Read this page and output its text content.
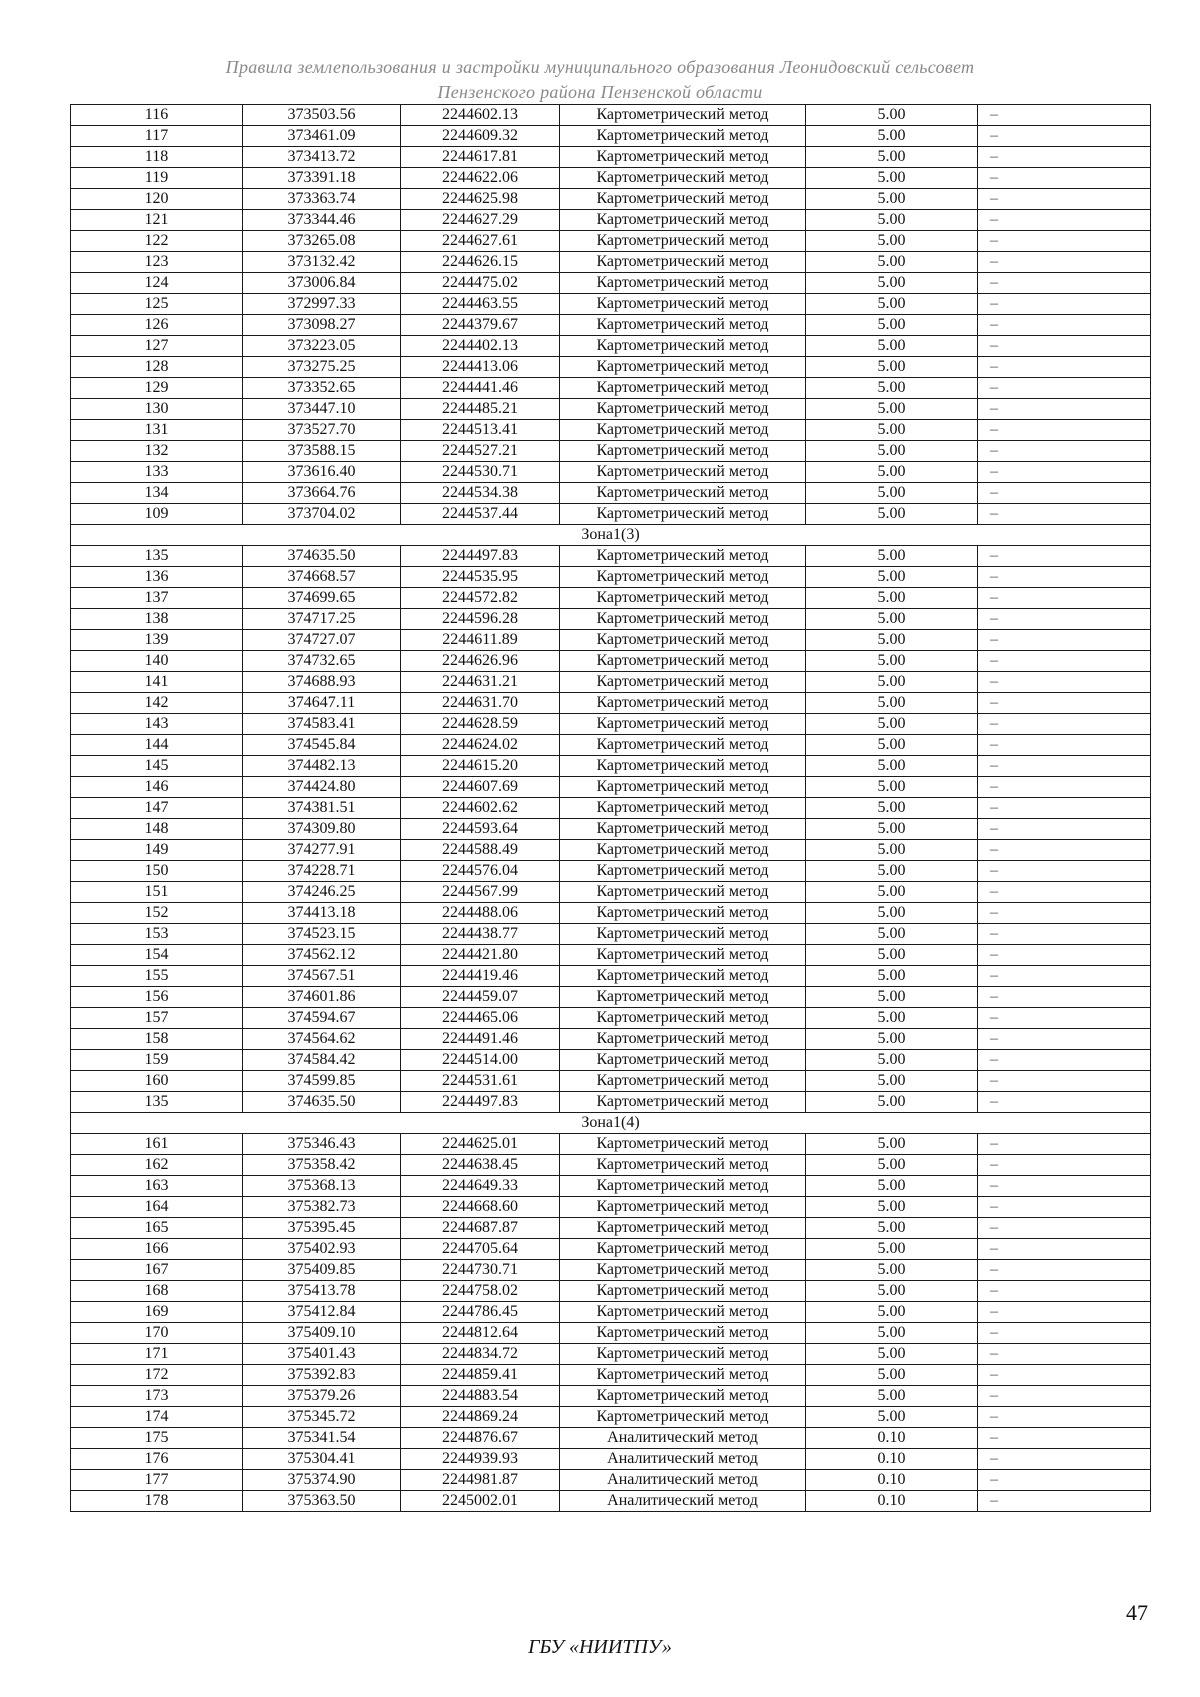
Правила землепользования и застройки муниципального образования Леонидовский сельсовет
Пензенского района Пензенской области
116	373503.56	2244602.13	Картометрический метод	5.00	–
117	373461.09	2244609.32	Картометрический метод	5.00	–
118	373413.72	2244617.81	Картометрический метод	5.00	–
119	373391.18	2244622.06	Картометрический метод	5.00	–
120	373363.74	2244625.98	Картометрический метод	5.00	–
121	373344.46	2244627.29	Картометрический метод	5.00	–
122	373265.08	2244627.61	Картометрический метод	5.00	–
123	373132.42	2244626.15	Картометрический метод	5.00	–
124	373006.84	2244475.02	Картометрический метод	5.00	–
125	372997.33	2244463.55	Картометрический метод	5.00	–
126	373098.27	2244379.67	Картометрический метод	5.00	–
127	373223.05	2244402.13	Картометрический метод	5.00	–
128	373275.25	2244413.06	Картометрический метод	5.00	–
129	373352.65	2244441.46	Картометрический метод	5.00	–
130	373447.10	2244485.21	Картометрический метод	5.00	–
131	373527.70	2244513.41	Картометрический метод	5.00	–
132	373588.15	2244527.21	Картометрический метод	5.00	–
133	373616.40	2244530.71	Картометрический метод	5.00	–
134	373664.76	2244534.38	Картометрический метод	5.00	–
109	373704.02	2244537.44	Картометрический метод	5.00	–
Зона1(3)					
135	374635.50	2244497.83	Картометрический метод	5.00	–
136	374668.57	2244535.95	Картометрический метод	5.00	–
137	374699.65	2244572.82	Картометрический метод	5.00	–
138	374717.25	2244596.28	Картометрический метод	5.00	–
139	374727.07	2244611.89	Картометрический метод	5.00	–
140	374732.65	2244626.96	Картометрический метод	5.00	–
141	374688.93	2244631.21	Картометрический метод	5.00	–
142	374647.11	2244631.70	Картометрический метод	5.00	–
143	374583.41	2244628.59	Картометрический метод	5.00	–
144	374545.84	2244624.02	Картометрический метод	5.00	–
145	374482.13	2244615.20	Картометрический метод	5.00	–
146	374424.80	2244607.69	Картометрический метод	5.00	–
147	374381.51	2244602.62	Картометрический метод	5.00	–
148	374309.80	2244593.64	Картометрический метод	5.00	–
149	374277.91	2244588.49	Картометрический метод	5.00	–
150	374228.71	2244576.04	Картометрический метод	5.00	–
151	374246.25	2244567.99	Картометрический метод	5.00	–
152	374413.18	2244488.06	Картометрический метод	5.00	–
153	374523.15	2244438.77	Картометрический метод	5.00	–
154	374562.12	2244421.80	Картометрический метод	5.00	–
155	374567.51	2244419.46	Картометрический метод	5.00	–
156	374601.86	2244459.07	Картометрический метод	5.00	–
157	374594.67	2244465.06	Картометрический метод	5.00	–
158	374564.62	2244491.46	Картометрический метод	5.00	–
159	374584.42	2244514.00	Картометрический метод	5.00	–
160	374599.85	2244531.61	Картометрический метод	5.00	–
135	374635.50	2244497.83	Картометрический метод	5.00	–
Зона1(4)					
161	375346.43	2244625.01	Картометрический метод	5.00	–
162	375358.42	2244638.45	Картометрический метод	5.00	–
163	375368.13	2244649.33	Картометрический метод	5.00	–
164	375382.73	2244668.60	Картометрический метод	5.00	–
165	375395.45	2244687.87	Картометрический метод	5.00	–
166	375402.93	2244705.64	Картометрический метод	5.00	–
167	375409.85	2244730.71	Картометрический метод	5.00	–
168	375413.78	2244758.02	Картометрический метод	5.00	–
169	375412.84	2244786.45	Картометрический метод	5.00	–
170	375409.10	2244812.64	Картометрический метод	5.00	–
171	375401.43	2244834.72	Картометрический метод	5.00	–
172	375392.83	2244859.41	Картометрический метод	5.00	–
173	375379.26	2244883.54	Картометрический метод	5.00	–
174	375345.72	2244869.24	Картометрический метод	5.00	–
175	375341.54	2244876.67	Аналитический метод	0.10	–
176	375304.41	2244939.93	Аналитический метод	0.10	–
177	375374.90	2244981.87	Аналитический метод	0.10	–
178	375363.50	2245002.01	Аналитический метод	0.10	–
47
ГБУ «НИИТПУ»
